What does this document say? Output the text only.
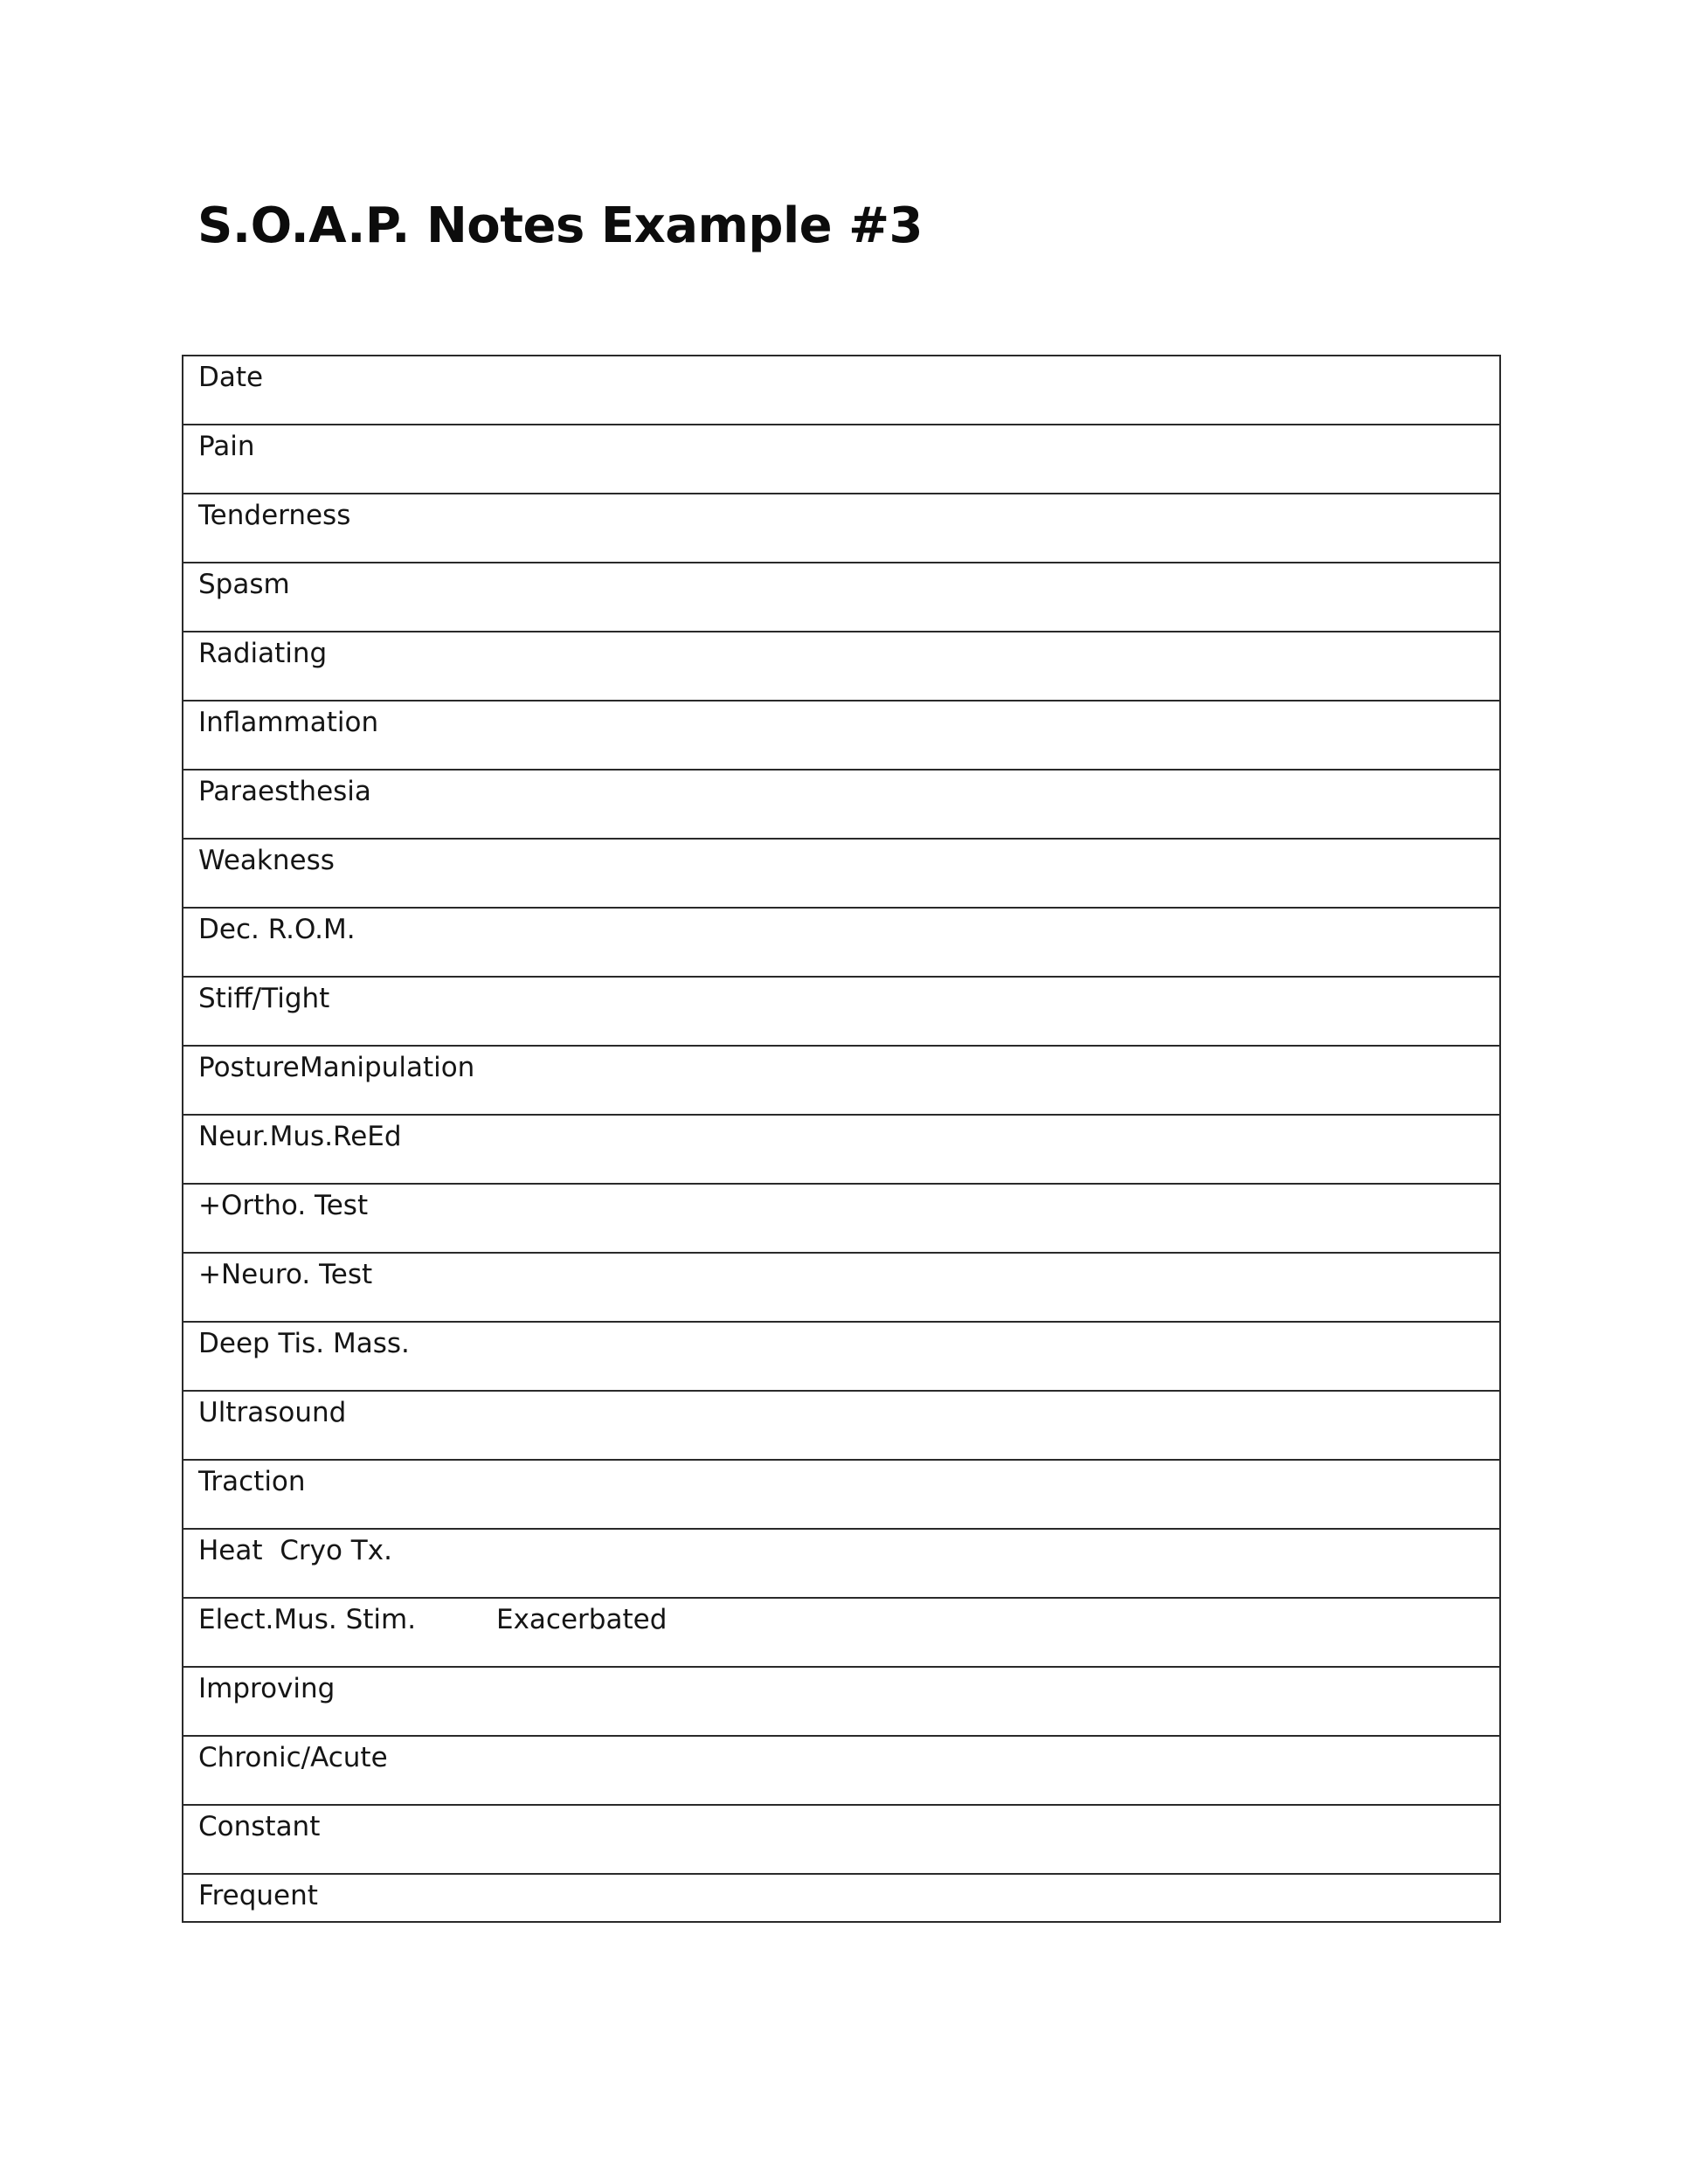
S.O.A.P. Notes Example #3
Date
Pain
Tenderness
Spasm
Radiating
Inflammation
Paraesthesia
Weakness
Dec. R.O.M.
Stiff/Tight
Posture Manipulation
Neur.Mus.ReEd
+Ortho. Test
+Neuro. Test
Deep Tis. Mass.
Ultrasound
Traction
Heat  Cryo Tx.
Elect.Mus. Stim.	Exacerbated
Improving
Chronic/Acute
Constant
Frequent
